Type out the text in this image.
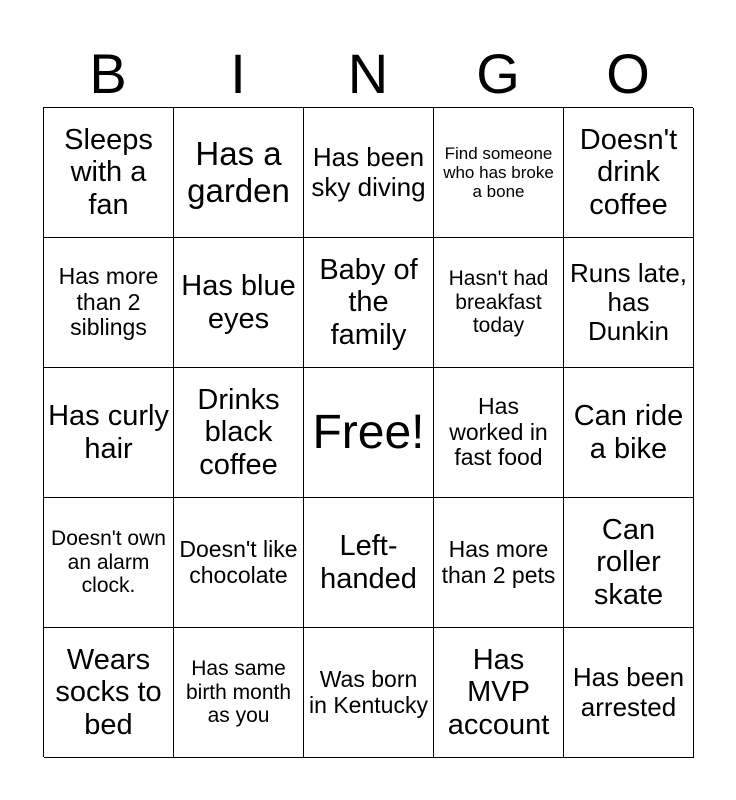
B	I	N	G	O
Sleeps with a fan
Has a garden
Has been sky diving
Find someone who has broke a bone
Doesn't drink coffee
Has more than 2 siblings
Has blue eyes
Baby of the family
Hasn't had breakfast today
Runs late, has Dunkin
Has curly hair
Drinks black coffee
Free!	Has worked in fast food
Can ride a bike
Doesn't own an alarm clock.
Doesn't like chocolate
Left-handed
Has more than 2 pets
Can roller skate
Wears socks to bed
Has same birth month as you
Was born in Kentucky
Has MVP account
Has been arrested
